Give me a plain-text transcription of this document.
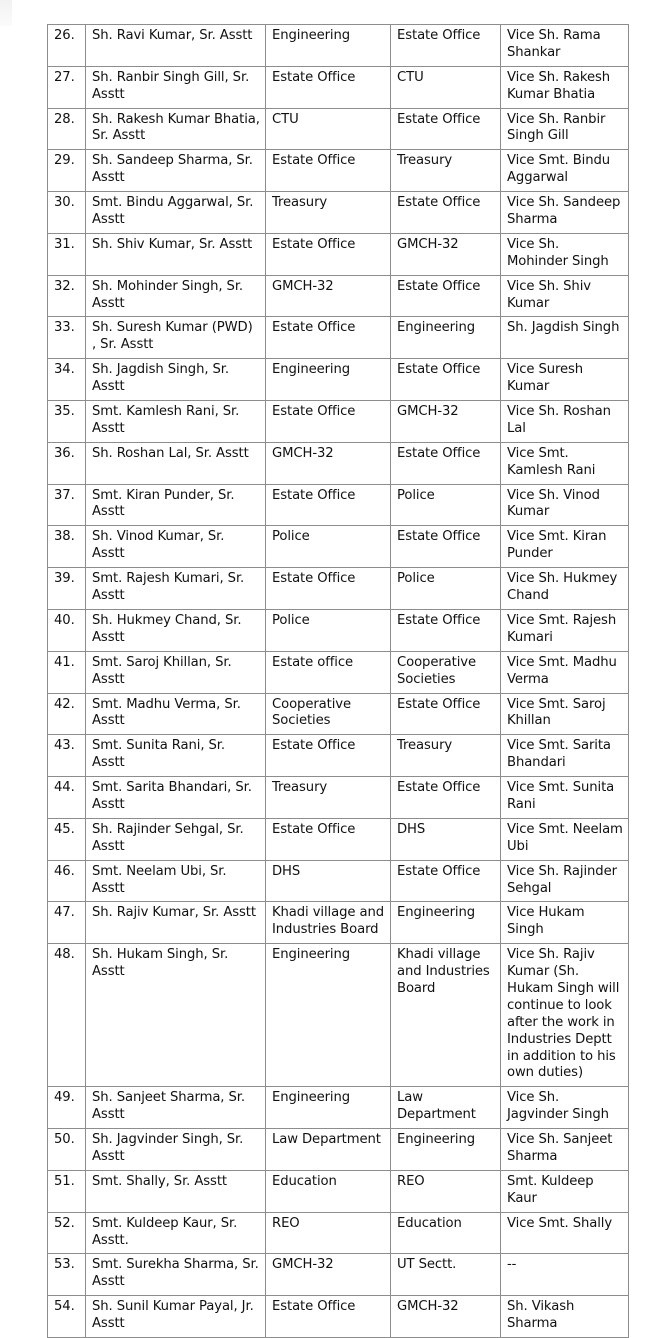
26.	Sh. Ravi Kumar, Sr. Asstt	Engineering	Estate Office	Vice Sh. Rama Shankar
27.	Sh. Ranbir Singh Gill, Sr. Asstt	Estate Office	CTU	Vice Sh. Rakesh Kumar Bhatia
28.	Sh. Rakesh Kumar Bhatia, Sr. Asstt	CTU	Estate Office	Vice Sh. Ranbir Singh Gill
29.	Sh. Sandeep Sharma, Sr. Asstt	Estate Office	Treasury	Vice Smt. Bindu Aggarwal
30.	Smt. Bindu Aggarwal, Sr. Asstt	Treasury	Estate Office	Vice Sh. Sandeep Sharma
31.	Sh. Shiv Kumar, Sr. Asstt	Estate Office	GMCH-32	Vice Sh. Mohinder Singh
32.	Sh. Mohinder Singh, Sr. Asstt	GMCH-32	Estate Office	Vice Sh. Shiv Kumar
33.	Sh. Suresh Kumar (PWD) , Sr. Asstt	Estate Office	Engineering	Sh. Jagdish Singh
34.	Sh. Jagdish Singh, Sr. Asstt	Engineering	Estate Office	Vice Suresh Kumar
35.	Smt. Kamlesh Rani, Sr. Asstt	Estate Office	GMCH-32	Vice Sh. Roshan Lal
36.	Sh. Roshan Lal, Sr. Asstt	GMCH-32	Estate Office	Vice Smt. Kamlesh Rani
37.	Smt. Kiran Punder, Sr. Asstt	Estate Office	Police	Vice Sh. Vinod Kumar
38.	Sh. Vinod Kumar, Sr. Asstt	Police	Estate Office	Vice Smt. Kiran Punder
39.	Smt. Rajesh Kumari, Sr. Asstt	Estate Office	Police	Vice Sh. Hukmey Chand
40.	Sh. Hukmey Chand, Sr. Asstt	Police	Estate Office	Vice Smt. Rajesh Kumari
41.	Smt. Saroj Khillan, Sr. Asstt	Estate office	Cooperative Societies	Vice Smt. Madhu Verma
42.	Smt. Madhu Verma, Sr. Asstt	Cooperative Societies	Estate Office	Vice Smt. Saroj Khillan
43.	Smt. Sunita Rani, Sr. Asstt	Estate Office	Treasury	Vice Smt. Sarita Bhandari
44.	Smt. Sarita Bhandari, Sr. Asstt	Treasury	Estate Office	Vice Smt. Sunita Rani
45.	Sh. Rajinder Sehgal, Sr. Asstt	Estate Office	DHS	Vice Smt. Neelam Ubi
46.	Smt. Neelam Ubi, Sr. Asstt	DHS	Estate Office	Vice Sh. Rajinder Sehgal
47.	Sh. Rajiv Kumar, Sr. Asstt	Khadi village and Industries Board	Engineering	Vice Hukam Singh
48.	Sh. Hukam Singh, Sr. Asstt	Engineering	Khadi village and Industries Board	Vice Sh. Rajiv Kumar (Sh. Hukam Singh will continue to look after the work in Industries Deptt in addition to his own duties)
49.	Sh. Sanjeet Sharma, Sr. Asstt	Engineering	Law Department	Vice Sh. Jagvinder Singh
50.	Sh. Jagvinder Singh, Sr. Asstt	Law Department	Engineering	Vice Sh. Sanjeet Sharma
51.	Smt. Shally, Sr. Asstt	Education	REO	Smt. Kuldeep Kaur
52.	Smt. Kuldeep Kaur, Sr. Asstt.	REO	Education	Vice Smt. Shally
53.	Smt. Surekha Sharma, Sr. Asstt	GMCH-32	UT Sectt.	--
54.	Sh. Sunil Kumar Payal, Jr. Asstt	Estate Office	GMCH-32	Sh. Vikash Sharma
